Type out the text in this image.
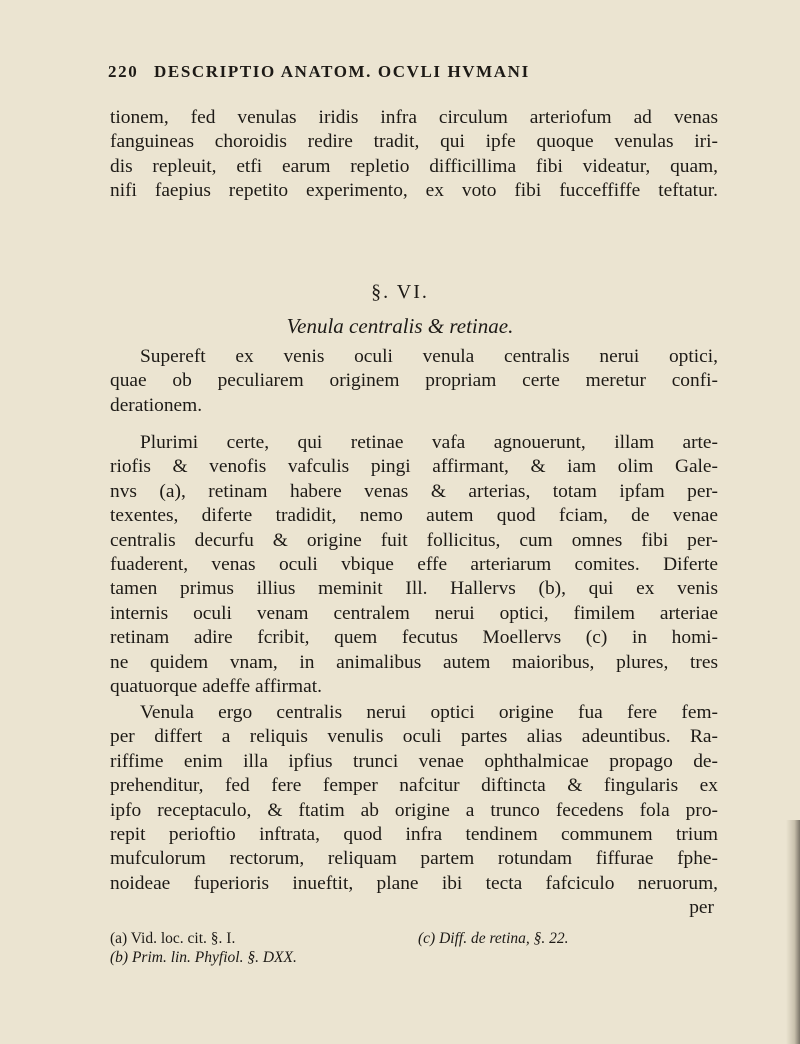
220 DESCRIPTIO ANATOM. OCVLI HVMANI
tionem, fed venulas iridis infra circulum arteriofum ad venas
fanguineas choroidis redire tradit, qui ipfe quoque venulas iri-
dis repleuit, etfi earum repletio difficillima fibi videatur, quam,
nifi faepius repetito experimento, ex voto fibi fucceffiffe teftatur.
§. VI.
Venula centralis & retinae.
Supereft ex venis oculi venula centralis nerui optici,
quae ob peculiarem originem propriam certe meretur confi-
derationem.
Plurimi certe, qui retinae vafa agnouerunt, illam arte-
riofis & venofis vafculis pingi affirmant, & iam olim Gale-
nvs (a), retinam habere venas & arterias, totam ipfam per-
texentes, diferte tradidit, nemo autem quod fciam, de venae
centralis decurfu & origine fuit follicitus, cum omnes fibi per-
fuaderent, venas oculi vbique effe arteriarum comites. Diferte
tamen primus illius meminit Ill. Hallervs (b), qui ex venis
internis oculi venam centralem nerui optici, fimilem arteriae
retinam adire fcribit, quem fecutus Moellervs (c) in homi-
ne quidem vnam, in animalibus autem maioribus, plures, tres
quatuorque adeffe affirmat.
Venula ergo centralis nerui optici origine fua fere fem-
per differt a reliquis venulis oculi partes alias adeuntibus. Ra-
riffime enim illa ipfius trunci venae ophthalmicae propago de-
prehenditur, fed fere femper nafcitur diftincta & fingularis ex
ipfo receptaculo, & ftatim ab origine a trunco fecedens fola pro-
repit perioftio inftrata, quod infra tendinem communem trium
mufculorum rectorum, reliquam partem rotundam fiffurae fphe-
noideae fuperioris inueftit, plane ibi tecta fafciculo neruorum,
per
(a) Vid. loc. cit. §. I.
(b) Prim. lin. Phyfiol. §. DXX.
(c) Diff. de retina, §. 22.
